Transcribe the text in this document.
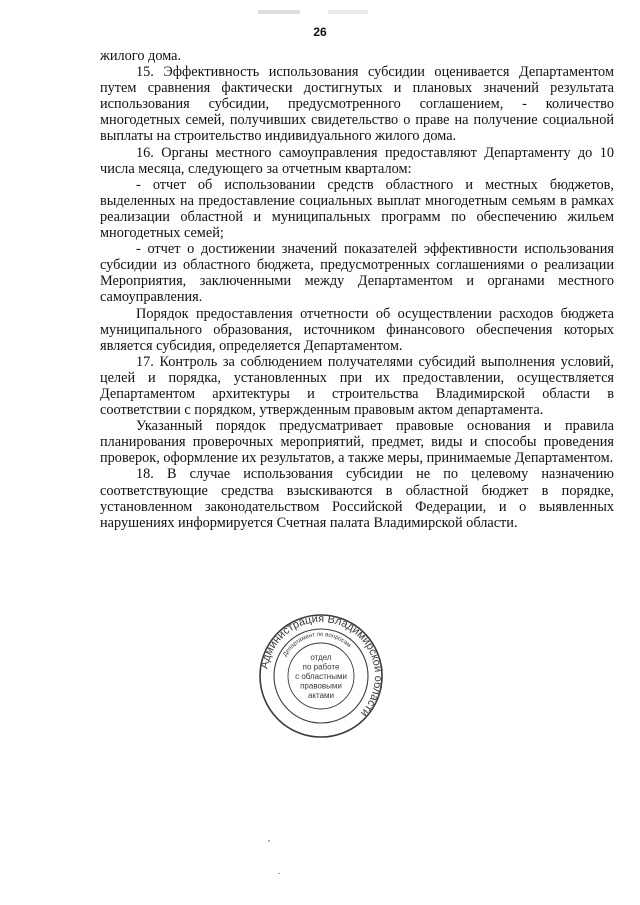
26

жилого дома.

15. Эффективность использования субсидии оценивается Департаментом путем сравнения фактически достигнутых и плановых значений результата использования субсидии, предусмотренного соглашением, - количество многодетных семей, получивших свидетельство о праве на получение социальной выплаты на строительство индивидуального жилого дома.

16. Органы местного самоуправления предоставляют Департаменту до 10 числа месяца, следующего за отчетным кварталом:

- отчет об использовании средств областного и местных бюджетов, выделенных на предоставление социальных выплат многодетным семьям в рамках реализации областной и муниципальных программ по обеспечению жильем многодетных семей;

- отчет о достижении значений показателей эффективности использования субсидии из областного бюджета, предусмотренных соглашениями о реализации Мероприятия, заключенными между Департаментом и органами местного самоуправления.

Порядок предоставления отчетности об осуществлении расходов бюджета муниципального образования, источником финансового обеспечения которых является субсидия, определяется Департаментом.

17. Контроль за соблюдением получателями субсидий выполнения условий, целей и порядка, установленных при их предоставлении, осуществляется Департаментом архитектуры и строительства Владимирской области в соответствии с порядком, утвержденным правовым актом департамента.

Указанный порядок предусматривает правовые основания и правила планирования проверочных мероприятий, предмет, виды и способы проведения проверок, оформление их результатов, а также меры, принимаемые Департаментом.

18. В случае использования субсидии не по целевому назначению соответствующие средства взыскиваются в областной бюджет в порядке, установленном законодательством Российской Федерации, и о выявленных нарушениях информируется Счетная палата Владимирской области.

Администрация Владимирской области
Департамент по вопросам
отдел
по работе
с областными
правовыми
актами
